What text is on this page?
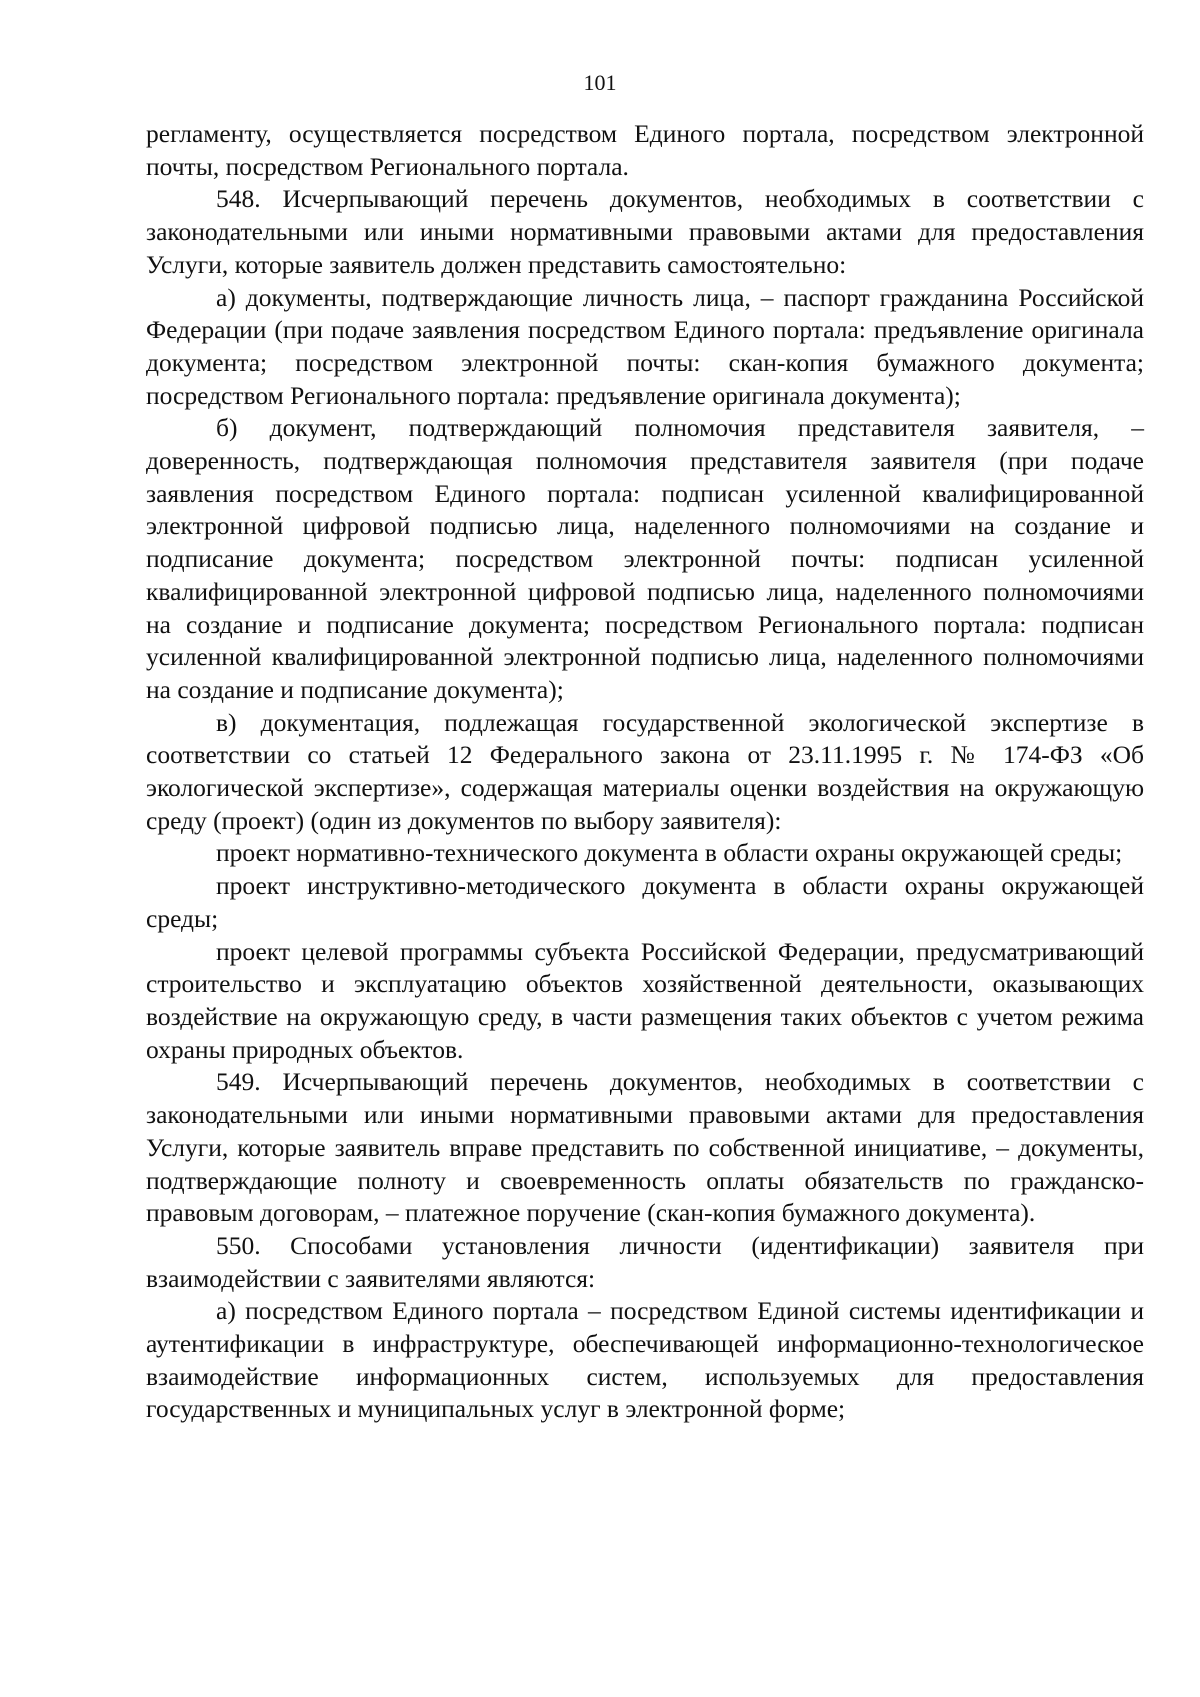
101

регламенту, осуществляется посредством Единого портала, посредством электронной почты, посредством Регионального портала.

548. Исчерпывающий перечень документов, необходимых в соответствии с законодательными или иными нормативными правовыми актами для предоставления Услуги, которые заявитель должен представить самостоятельно:

а) документы, подтверждающие личность лица, – паспорт гражданина Российской Федерации (при подаче заявления посредством Единого портала: предъявление оригинала документа; посредством электронной почты: скан-копия бумажного документа; посредством Регионального портала: предъявление оригинала документа);

б) документ, подтверждающий полномочия представителя заявителя, – доверенность, подтверждающая полномочия представителя заявителя (при подаче заявления посредством Единого портала: подписан усиленной квалифицированной электронной цифровой подписью лица, наделенного полномочиями на создание и подписание документа; посредством электронной почты: подписан усиленной квалифицированной электронной цифровой подписью лица, наделенного полномочиями на создание и подписание документа; посредством Регионального портала: подписан усиленной квалифицированной электронной подписью лица, наделенного полномочиями на создание и подписание документа);

в) документация, подлежащая государственной экологической экспертизе в соответствии со статьей 12 Федерального закона от 23.11.1995 г. № 174-ФЗ «Об экологической экспертизе», содержащая материалы оценки воздействия на окружающую среду (проект) (один из документов по выбору заявителя):

проект нормативно-технического документа в области охраны окружающей среды;

проект инструктивно-методического документа в области охраны окружающей среды;

проект целевой программы субъекта Российской Федерации, предусматривающий строительство и эксплуатацию объектов хозяйственной деятельности, оказывающих воздействие на окружающую среду, в части размещения таких объектов с учетом режима охраны природных объектов.

549. Исчерпывающий перечень документов, необходимых в соответствии с законодательными или иными нормативными правовыми актами для предоставления Услуги, которые заявитель вправе представить по собственной инициативе, – документы, подтверждающие полноту и своевременность оплаты обязательств по гражданско-правовым договорам, – платежное поручение (скан-копия бумажного документа).

550. Способами установления личности (идентификации) заявителя при взаимодействии с заявителями являются:

а) посредством Единого портала – посредством Единой системы идентификации и аутентификации в инфраструктуре, обеспечивающей информационно-технологическое взаимодействие информационных систем, используемых для предоставления государственных и муниципальных услуг в электронной форме;
